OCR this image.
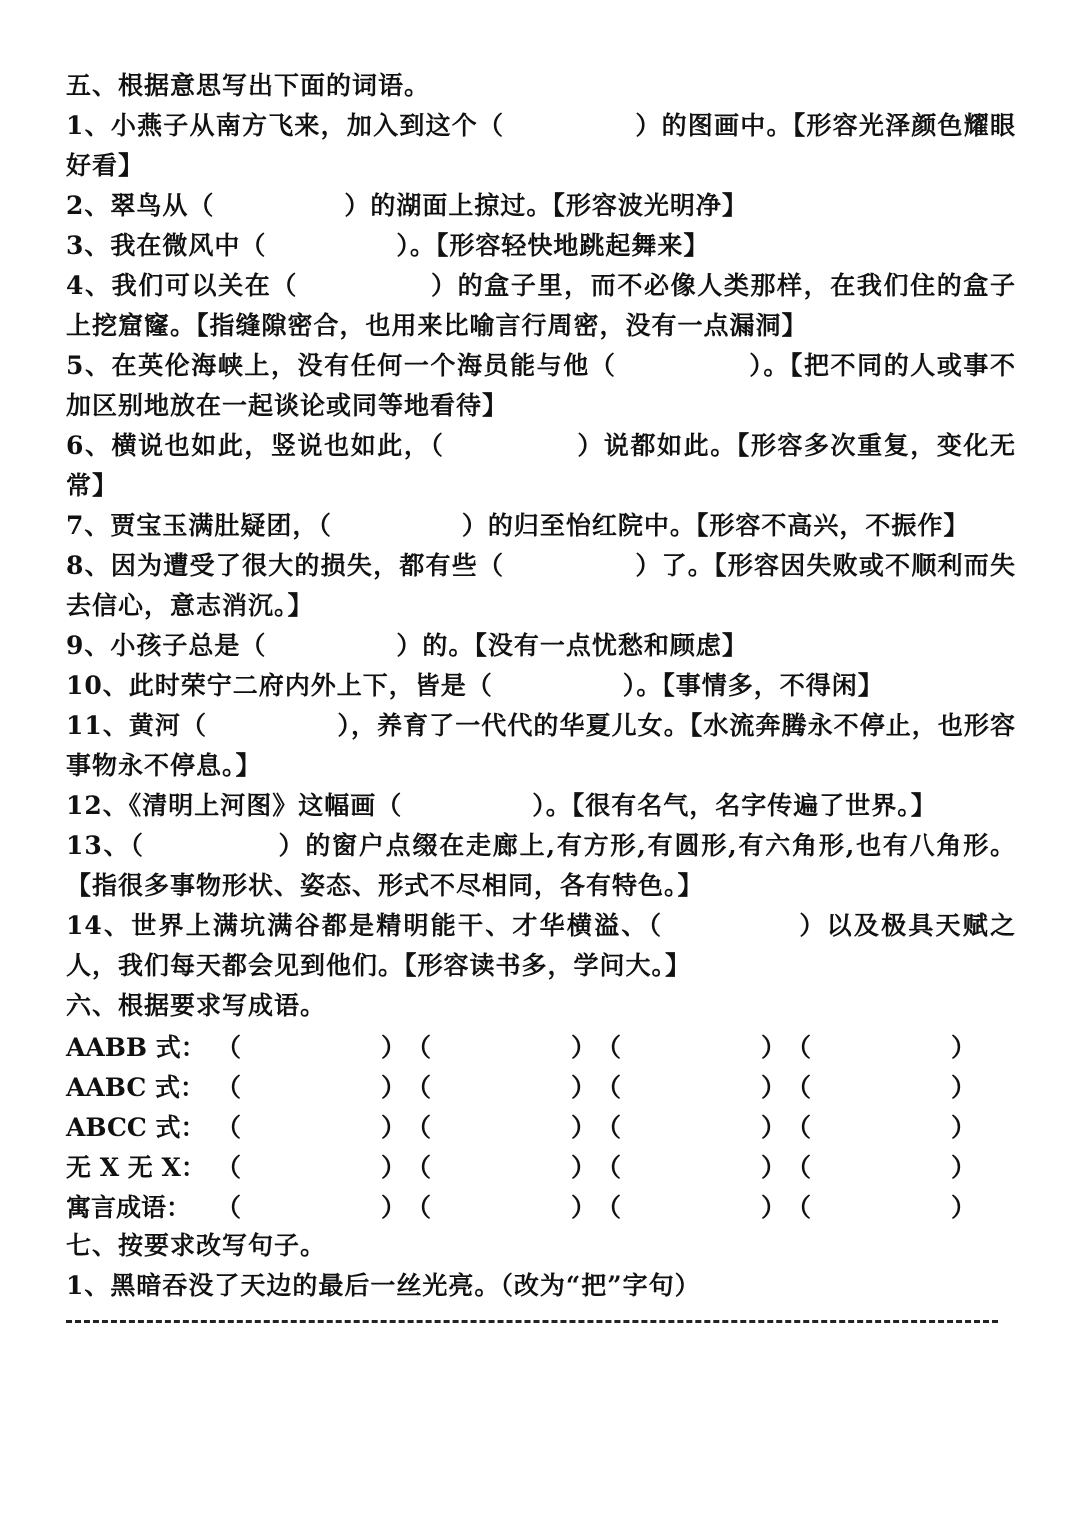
五、根据意思写出下面的词语。
1、小燕子从南方飞来，加入到这个（　　　　　）的图画中。【形容光泽颜色耀眼好看】
2、翠鸟从（　　　　　）的湖面上掠过。【形容波光明净】
3、我在微风中（　　　　　）。【形容轻快地跳起舞来】
4、我们可以关在（　　　　　）的盒子里，而不必像人类那样，在我们住的盒子上挖窟窿。【指缝隙密合，也用来比喻言行周密，没有一点漏洞】
5、在英伦海峡上，没有任何一个海员能与他（　　　　　）。【把不同的人或事不加区别地放在一起谈论或同等地看待】
6、横说也如此，竖说也如此，（　　　　　）说都如此。【形容多次重复，变化无常】
7、贾宝玉满肚疑团，（　　　　　）的归至怡红院中。【形容不高兴，不振作】
8、因为遭受了很大的损失，都有些（　　　　　）了。【形容因失败或不顺利而失去信心，意志消沉。】
9、小孩子总是（　　　　　）的。【没有一点忧愁和顾虑】
10、此时荣宁二府内外上下，皆是（　　　　　）。【事情多，不得闲】
11、黄河（　　　　　），养育了一代代的华夏儿女。【水流奔腾永不停止，也形容事物永不停息。】
12、《清明上河图》这幅画（　　　　　）。【很有名气，名字传遍了世界。】
13、（　　　　　）的窗户点缀在走廊上,有方形,有圆形,有六角形,也有八角形。【指很多事物形状、姿态、形式不尽相同，各有特色。】
14、世界上满坑满谷都是精明能干、才华横溢、（　　　　　）以及极具天赋之人，我们每天都会见到他们。【形容读书多，学问大。】
六、根据要求写成语。
AABB 式： （	） （	） （	） （	）
AABC 式： （	） （	） （	） （	）
ABCC 式： （	） （	） （	） （	）
无 X 无 X： （	） （	） （	） （	）
寓言成语： （	） （	） （	） （	）
七、按要求改写句子。
1、黑暗吞没了天边的最后一丝光亮。（改为“把”字句）
